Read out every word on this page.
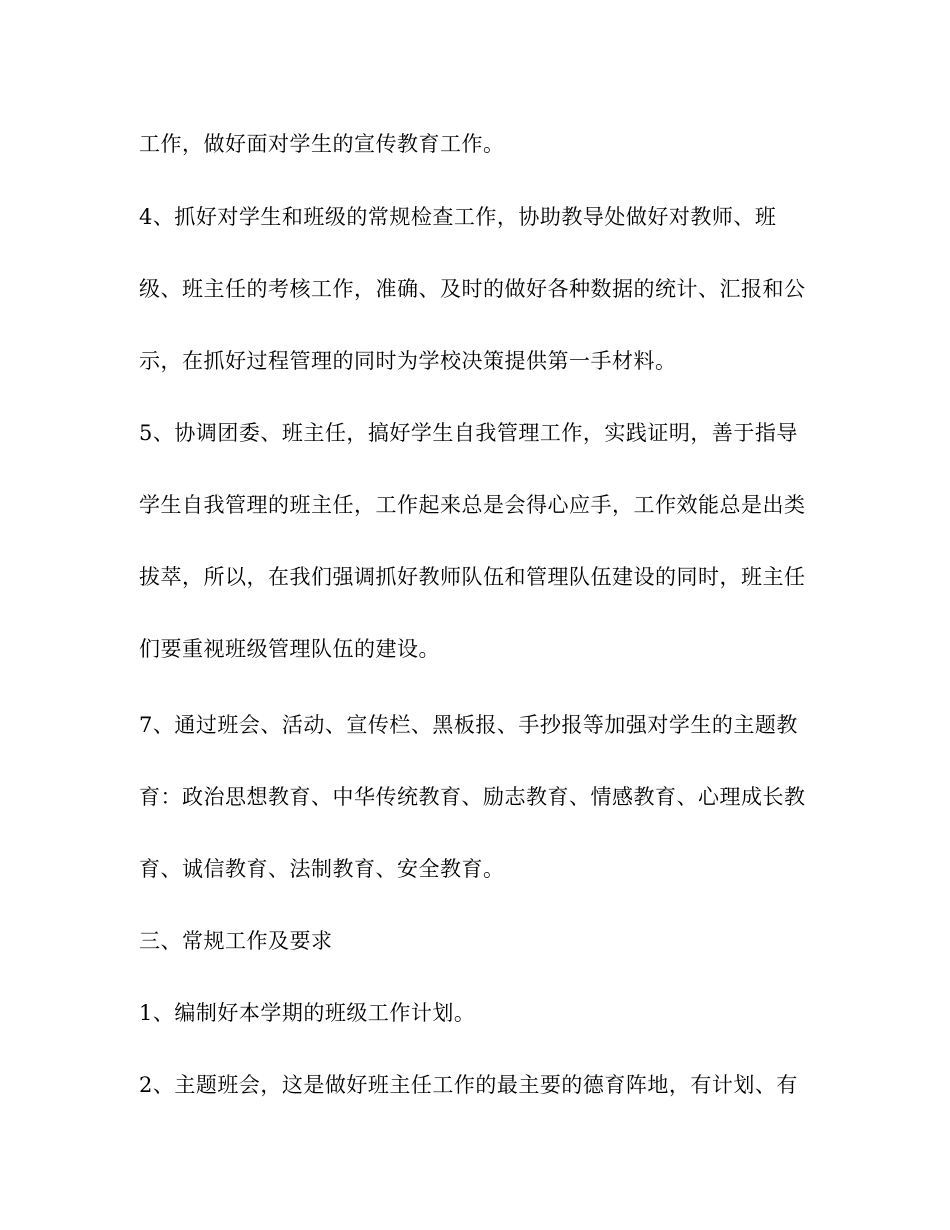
工作，做好面对学生的宣传教育工作。
4、抓好对学生和班级的常规检查工作，协助教导处做好对教师、班
级、班主任的考核工作，准确、及时的做好各种数据的统计、汇报和公
示，在抓好过程管理的同时为学校决策提供第一手材料。
5、协调团委、班主任，搞好学生自我管理工作，实践证明，善于指导
学生自我管理的班主任，工作起来总是会得心应手，工作效能总是出类
拔萃，所以，在我们强调抓好教师队伍和管理队伍建设的同时，班主任
们要重视班级管理队伍的建设。
7、通过班会、活动、宣传栏、黑板报、手抄报等加强对学生的主题教
育：政治思想教育、中华传统教育、励志教育、情感教育、心理成长教
育、诚信教育、法制教育、安全教育。
三、常规工作及要求
1、编制好本学期的班级工作计划。
2、主题班会，这是做好班主任工作的最主要的德育阵地，有计划、有
